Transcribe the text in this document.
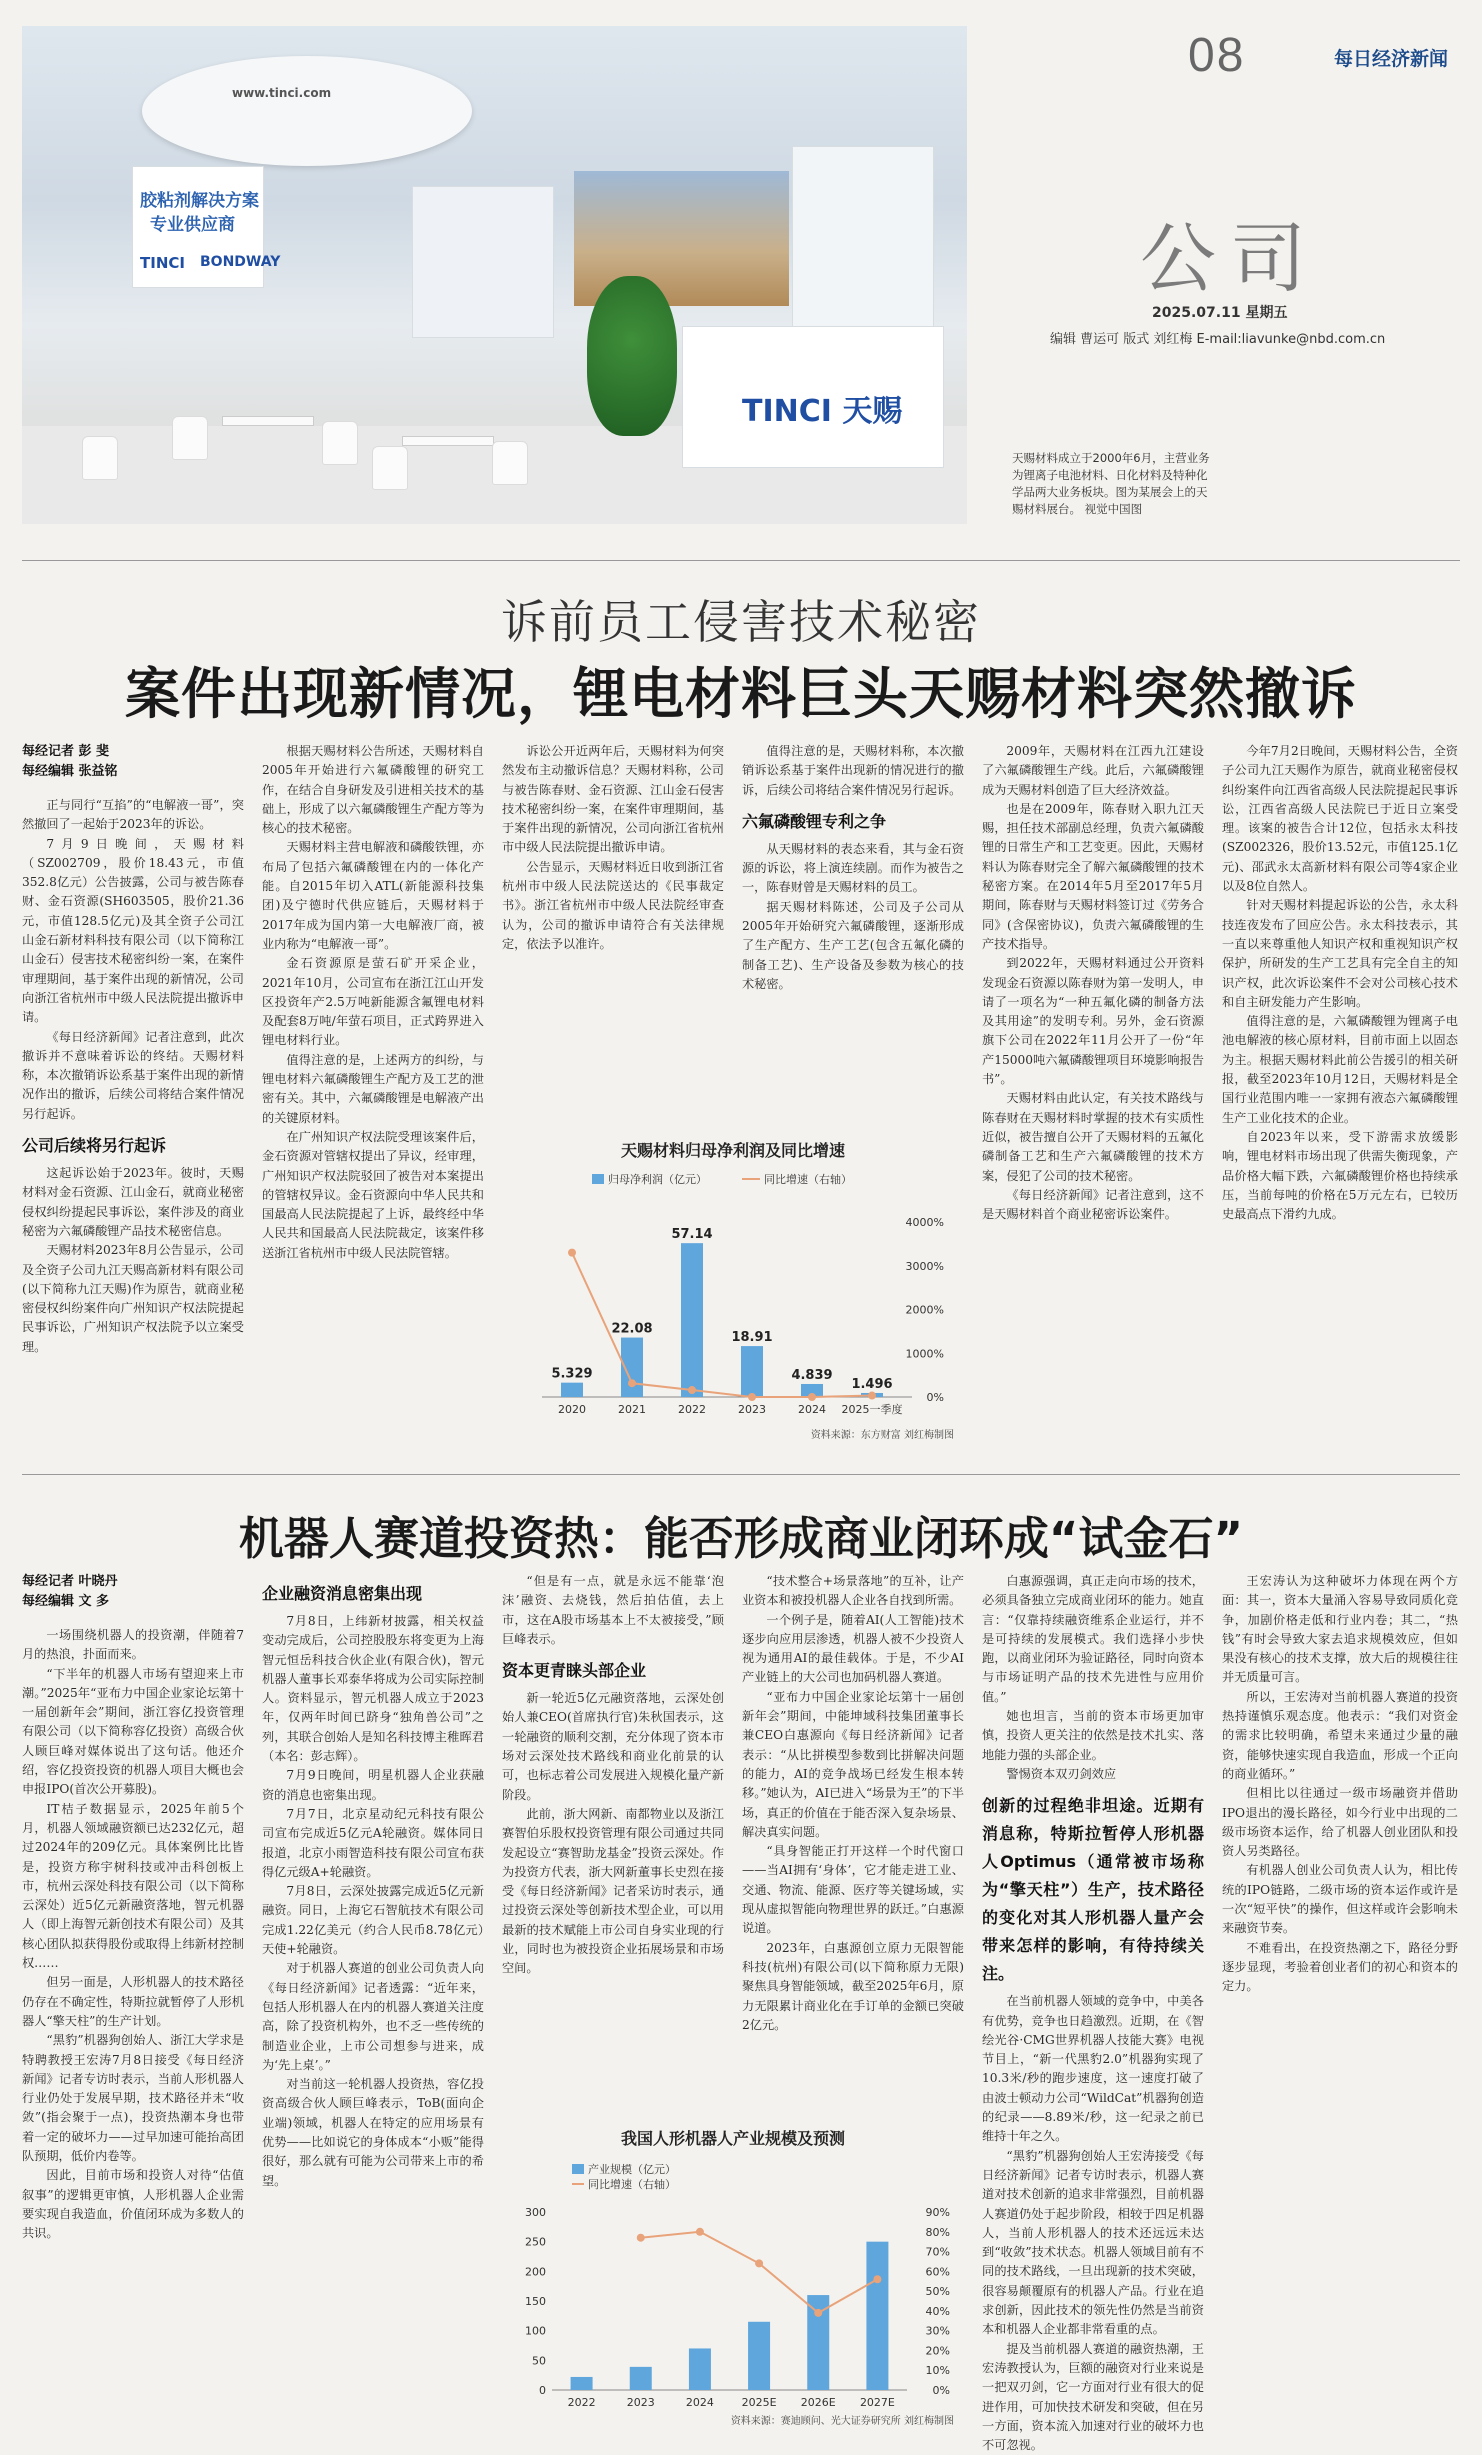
08	每日经济新闻
公司
2025.07.11 星期五
编辑 曹运可 版式 刘红梅 E-mail:liavunke@nbd.com.cn
天赐材料成立于2000年6月，主营业务为锂离子电池材料、日化材料及特种化学品两大业务板块。图为某展会上的天赐材料展台。 视觉中国图
www.tinci.com
胶粘剂解决方案
专业供应商
TINCI BONDWAY
TINCI 天赐
诉前员工侵害技术秘密
案件出现新情况，锂电材料巨头天赐材料突然撤诉
每经记者 彭 斐
每经编辑 张益铭

正与同行“互掐”的“电解液一哥”，突然撤回了一起始于2023年的诉讼。

7月9日晚间，天赐材料（SZ002709，股价18.43元，市值352.8亿元）公告披露，公司与被告陈春财、金石资源(SH603505，股价21.36元，市值128.5亿元)及其全资子公司江山金石新材料科技有限公司（以下简称江山金石）侵害技术秘密纠纷一案，在案件审理期间，基于案件出现的新情况，公司向浙江省杭州市中级人民法院提出撤诉申请。

《每日经济新闻》记者注意到，此次撤诉并不意味着诉讼的终结。天赐材料称，本次撤销诉讼系基于案件出现的新情况作出的撤诉，后续公司将结合案件情况另行起诉。

公司后续将另行起诉

这起诉讼始于2023年。彼时，天赐材料对金石资源、江山金石，就商业秘密侵权纠纷提起民事诉讼，案件涉及的商业秘密为六氟磷酸锂产品技术秘密信息。

天赐材料2023年8月公告显示，公司及全资子公司九江天赐高新材料有限公司(以下简称九江天赐)作为原告，就商业秘密侵权纠纷案件向广州知识产权法院提起民事诉讼，广州知识产权法院予以立案受理。

根据天赐材料公告所述，天赐材料自2005年开始进行六氟磷酸锂的研究工作，在结合自身研发及引进相关技术的基础上，形成了以六氟磷酸锂生产配方等为核心的技术秘密。

天赐材料主营电解液和磷酸铁锂，亦布局了包括六氟磷酸锂在内的一体化产能。自2015年切入ATL(新能源科技集团)及宁德时代供应链后，天赐材料于2017年成为国内第一大电解液厂商，被业内称为“电解液一哥”。

金石资源原是萤石矿开采企业，2021年10月，公司宣布在浙江江山开发区投资年产2.5万吨新能源含氟锂电材料及配套8万吨/年萤石项目，正式跨界进入锂电材料行业。

值得注意的是，上述两方的纠纷，与锂电材料六氟磷酸锂生产配方及工艺的泄密有关。其中，六氟磷酸锂是电解液产出的关键原材料。

在广州知识产权法院受理该案件后，金石资源对管辖权提出了异议，经审理，广州知识产权法院驳回了被告对本案提出的管辖权异议。金石资源向中华人民共和国最高人民法院提起了上诉，最终经中华人民共和国最高人民法院裁定，该案件移送浙江省杭州市中级人民法院管辖。

诉讼公开近两年后，天赐材料为何突然发布主动撤诉信息？天赐材料称，公司与被告陈春财、金石资源、江山金石侵害技术秘密纠纷一案，在案件审理期间，基于案件出现的新情况，公司向浙江省杭州市中级人民法院提出撤诉申请。

公告显示，天赐材料近日收到浙江省杭州市中级人民法院送达的《民事裁定书》。浙江省杭州市中级人民法院经审查认为，公司的撤诉申请符合有关法律规定，依法予以准许。

值得注意的是，天赐材料称，本次撤销诉讼系基于案件出现新的情况进行的撤诉，后续公司将结合案件情况另行起诉。

六氟磷酸锂专利之争

从天赐材料的表态来看，其与金石资源的诉讼，将上演连续剧。而作为被告之一，陈春财曾是天赐材料的员工。

据天赐材料陈述，公司及子公司从2005年开始研究六氟磷酸锂，逐渐形成了生产配方、生产工艺(包含五氟化磷的制备工艺)、生产设备及参数为核心的技术秘密。

2009年，天赐材料在江西九江建设了六氟磷酸锂生产线。此后，六氟磷酸锂成为天赐材料创造了巨大经济效益。

也是在2009年，陈春财入职九江天赐，担任技术部副总经理，负责六氟磷酸锂的日常生产和工艺变更。因此，天赐材料认为陈春财完全了解六氟磷酸锂的技术秘密方案。在2014年5月至2017年5月期间，陈春财与天赐材料签订过《劳务合同》(含保密协议)，负责六氟磷酸锂的生产技术指导。

到2022年，天赐材料通过公开资料发现金石资源以陈春财为第一发明人，申请了一项名为“一种五氟化磷的制备方法及其用途”的发明专利。另外，金石资源旗下公司在2022年11月公开了一份“年产15000吨六氟磷酸锂项目环境影响报告书”。

天赐材料由此认定，有关技术路线与陈春财在天赐材料时掌握的技术有实质性近似，被告擅自公开了天赐材料的五氟化磷制备工艺和生产六氟磷酸锂的技术方案，侵犯了公司的技术秘密。

《每日经济新闻》记者注意到，这不是天赐材料首个商业秘密诉讼案件。

今年7月2日晚间，天赐材料公告，全资子公司九江天赐作为原告，就商业秘密侵权纠纷案件向江西省高级人民法院提起民事诉讼，江西省高级人民法院已于近日立案受理。该案的被告合计12位，包括永太科技(SZ002326，股价13.52元，市值125.1亿元)、邵武永太高新材料有限公司等4家企业以及8位自然人。

针对天赐材料提起诉讼的公告，永太科技连夜发布了回应公告。永太科技表示，其一直以来尊重他人知识产权和重视知识产权保护，所研发的生产工艺具有完全自主的知识产权，此次诉讼案件不会对公司核心技术和自主研发能力产生影响。

值得注意的是，六氟磷酸锂为锂离子电池电解液的核心原材料，目前市面上以固态为主。根据天赐材料此前公告援引的相关研报，截至2023年10月12日，天赐材料是全国行业范围内唯一一家拥有液态六氟磷酸锂生产工业化技术的企业。

自2023年以来，受下游需求放缓影响，锂电材料市场出现了供需失衡现象，产品价格大幅下跌，六氟磷酸锂价格也持续承压，当前每吨的价格在5万元左右，已较历史最高点下滑约九成。

天赐材料归母净利润及同比增速
归母净利润（亿元）	同比增速（右轴）
4000%
3000%
2000%
1000%
0%
5.329
22.08
57.14
18.91
4.839
1.496
2020	2021	2022	2023	2024 2025一季度
资料来源：东方财富 刘红梅制图
机器人赛道投资热：能否形成商业闭环成“试金石”
每经记者 叶晓丹
每经编辑 文 多

一场围绕机器人的投资潮，伴随着7月的热浪，扑面而来。

“下半年的机器人市场有望迎来上市潮。”2025年“亚布力中国企业家论坛第十一届创新年会”期间，浙江容亿投资管理有限公司（以下简称容亿投资）高级合伙人顾巨峰对媒体说出了这句话。他还介绍，容亿投资投资的机器人项目大概也会申报IPO(首次公开募股)。

IT桔子数据显示，2025年前5个月，机器人领域融资额已达232亿元，超过2024年的209亿元。具体案例比比皆是，投资方称宇树科技或冲击科创板上市，杭州云深处科技有限公司（以下简称云深处）近5亿元新融资落地，智元机器人（即上海智元新创技术有限公司）及其核心团队拟获得股份或取得上纬新材控制权……

但另一面是，人形机器人的技术路径仍存在不确定性，特斯拉就暂停了人形机器人“擎天柱”的生产计划。

“黑豹”机器狗创始人、浙江大学求是特聘教授王宏涛7月8日接受《每日经济新闻》记者专访时表示，当前人形机器人行业仍处于发展早期，技术路径并未“收敛”(指会聚于一点)，投资热潮本身也带着一定的破坏力——过早加速可能抬高团队预期，低价内卷等。

因此，目前市场和投资人对待“估值叙事”的逻辑更审慎，人形机器人企业需要实现自我造血，价值闭环成为多数人的共识。

企业融资消息密集出现

7月8日，上纬新材披露，相关权益变动完成后，公司控股股东将变更为上海智元恒岳科技合伙企业(有限合伙)，智元机器人董事长邓泰华将成为公司实际控制人。资料显示，智元机器人成立于2023年，仅两年时间已跻身“独角兽公司”之列，其联合创始人是知名科技博主稚晖君（本名：彭志辉）。

7月9日晚间，明星机器人企业获融资的消息也密集出现。

7月7日，北京星动纪元科技有限公司宣布完成近5亿元A轮融资。媒体同日报道，北京小雨智造科技有限公司宣布获得亿元级A+轮融资。

7月8日，云深处披露完成近5亿元新融资。同日，上海它石智航技术有限公司完成1.22亿美元（约合人民币8.78亿元）天使+轮融资。

对于机器人赛道的创业公司负责人向《每日经济新闻》记者透露：“近年来，包括人形机器人在内的机器人赛道关注度高，除了投资机构外，也不乏一些传统的制造业企业，上市公司想参与进来，成为‘先上桌’。”

对当前这一轮机器人投资热，容亿投资高级合伙人顾巨峰表示，ToB(面向企业端)领域，机器人在特定的应用场景有优势——比如说它的身体成本“小贩”能得很好，那么就有可能为公司带来上市的希望。

“但是有一点，就是永远不能靠‘泡沫’融资、去烧钱，然后拍估值，去上市，这在A股市场基本上不太被接受，”顾巨峰表示。

资本更青睐头部企业

新一轮近5亿元融资落地，云深处创始人兼CEO(首席执行官)朱秋国表示，这一轮融资的顺利交割，充分体现了资本市场对云深处技术路线和商业化前景的认可，也标志着公司发展进入规模化量产新阶段。

此前，浙大网新、南都物业以及浙江赛智伯乐股权投资管理有限公司通过共同发起设立“赛智助龙基金”投资云深处。作为投资方代表，浙大网新董事长史烈在接受《每日经济新闻》记者采访时表示，通过投资云深处等创新技术型企业，可以用最新的技术赋能上市公司自身实业现的行业，同时也为被投资企业拓展场景和市场空间。

“技术整合+场景落地”的互补，让产业资本和被投机器人企业各自找到所需。

一个例子是，随着AI(人工智能)技术逐步向应用层渗透，机器人被不少投资人视为通用AI的最佳载体。于是，不少AI产业链上的大公司也加码机器人赛道。

“亚布力中国企业家论坛第十一届创新年会”期间，中能坤域科技集团董事长兼CEO白惠源向《每日经济新闻》记者表示：“从比拼模型参数到比拼解决问题的能力，AI的竞争战场已经发生根本转移。”她认为，AI已进入“场景为王”的下半场，真正的价值在于能否深入复杂场景、解决真实问题。

“具身智能正打开这样一个时代窗口——当AI拥有‘身体’，它才能走进工业、交通、物流、能源、医疗等关键场域，实现从虚拟智能向物理世界的跃迁。”白惠源说道。

2023年，白惠源创立原力无限智能科技(杭州)有限公司(以下简称原力无限)聚焦具身智能领域，截至2025年6月，原力无限累计商业化在手订单的金额已突破2亿元。

白惠源强调，真正走向市场的技术，必须具备独立完成商业闭环的能力。她直言：“仅靠持续融资维系企业运行，并不是可持续的发展模式。我们选择小步快跑，以商业闭环为验证路径，同时向资本与市场证明产品的技术先进性与应用价值。”

她也坦言，当前的资本市场更加审慎，投资人更关注的依然是技术扎实、落地能力强的头部企业。

警惕资本双刃剑效应

创新的过程绝非坦途。近期有消息称，特斯拉暂停人形机器人Optimus（通常被市场称为“擎天柱”）生产，技术路径的变化对其人形机器人量产会带来怎样的影响，有待持续关注。

在当前机器人领域的竞争中，中美各有优势，竞争也日趋激烈。近期，在《智绘光谷·CMG世界机器人技能大赛》电视节目上，“新一代黑豹2.0”机器狗实现了10.3米/秒的跑步速度，这一速度打破了由波士顿动力公司“WildCat”机器狗创造的纪录——8.89米/秒，这一纪录之前已维持十年之久。

“黑豹”机器狗创始人王宏涛接受《每日经济新闻》记者专访时表示，机器人赛道对技术创新的追求非常强烈，目前机器人赛道仍处于起步阶段，相较于四足机器人，当前人形机器人的技术还远远未达到“收敛”技术状态。机器人领域目前有不同的技术路线，一旦出现新的技术突破，很容易颠覆原有的机器人产品。行业在追求创新，因此技术的领先性仍然是当前资本和机器人企业都非常看重的点。

提及当前机器人赛道的融资热潮，王宏涛教授认为，巨额的融资对行业来说是一把双刃剑，它一方面对行业有很大的促进作用，可加快技术研发和突破，但在另一方面，资本流入加速对行业的破坏力也不可忽视。

王宏涛认为这种破坏力体现在两个方面：其一，资本大量涌入容易导致同质化竞争，加剧价格走低和行业内卷；其二，“热钱”有时会导致大家去追求规模效应，但如果没有核心的技术支撑，放大后的规模往往并无质量可言。

所以，王宏涛对当前机器人赛道的投资热持谨慎乐观态度。他表示：“我们对资金的需求比较明确，希望未来通过少量的融资，能够快速实现自我造血，形成一个正向的商业循环。”

但相比以往通过一级市场融资并借助IPO退出的漫长路径，如今行业中出现的二级市场资本运作，给了机器人创业团队和投资人另类路径。

有机器人创业公司负责人认为，相比传统的IPO链路，二级市场的资本运作或许是一次“短平快”的操作，但这样或许会影响未来融资节奏。

不难看出，在投资热潮之下，路径分野逐步显现，考验着创业者们的初心和资本的定力。

我国人形机器人产业规模及预测
产业规模（亿元）
同比增速（右轴）
300
250
200
150
100
50
0
90%
80%
70%
60%
50%
40%
30%
20%
10%
0%
2022	2023	2024	2025E 2026E 2027E
资料来源：赛迪顾问、光大证券研究所 刘红梅制图
